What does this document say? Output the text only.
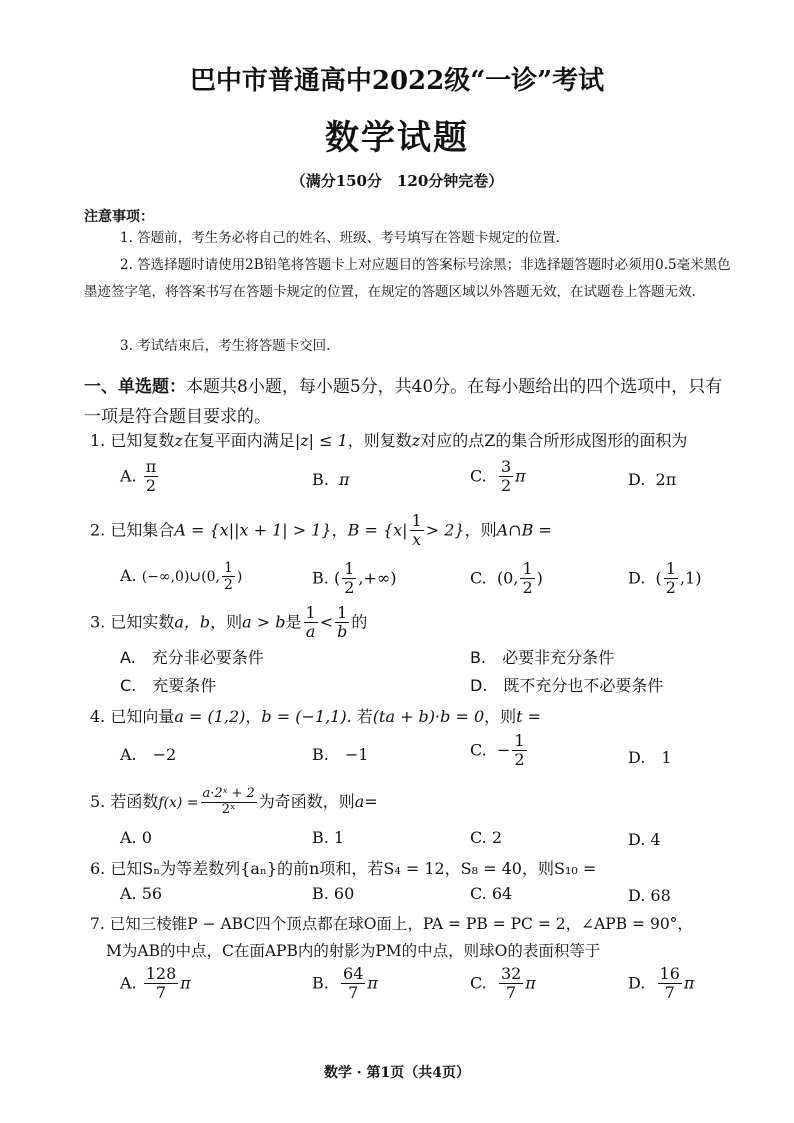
巴中市普通高中2022级“一诊”考试
数学试题
（满分150分　120分钟完卷）
注意事项：
1. 答题前，考生务必将自己的姓名、班级、考号填写在答题卡规定的位置.
2. 答选择题时请使用2B铅笔将答题卡上对应题目的答案标号涂黑；非选择题答题时必须用0.5毫米黑色墨迹签字笔，将答案书写在答题卡规定的位置，在规定的答题区域以外答题无效，在试题卷上答题无效.
3. 考试结束后，考生将答题卡交回.
一、单选题：本题共8小题，每小题5分，共40分。在每小题给出的四个选项中，只有一项是符合题目要求的。
1. 已知复数z在复平面内满足|z| ≤ 1，则复数z对应的点Z的集合所形成图形的面积为
A. $\frac{\pi}{2}$	B. π	C. $\frac{3}{2}$ π	D. 2π
2. 已知集合A = {x||x + 1| > 1}，$B = \{x| \frac{1}{x} > 2\}$，则A∩B =
A. (−∞,0)∪(0, $\frac{1}{2}$ )	B. ( $\frac{1}{2}$ ,+∞)	C. (0, $\frac{1}{2}$ )	D. ( $\frac{1}{2} ,1$)
3. 已知实数a，b，则a > b是 $\frac{1}{a} < \frac{1}{b}$ 的
A.　充分非必要条件	B.　必要非充分条件
C.　充要条件	D.　既不充分也不必要条件
4. 已知向量a = (1,2)，b = (−1,1). 若(ta + b)·b = 0，则t =
A.　−2	B.　−1	C. − $\frac{1}{2}$	D.　1
5. 若函数$f(x) = \frac{\text{a·2ˣ + 2}}{\text{2ˣ}}$ 为奇函数，则a=
A. 0	B. 1	C. 2	D. 4
6. 已知Sₙ为等差数列{aₙ}的前n项和，若S₄ = 12，S₈ = 40，则S₁₀ =
A. 56	B. 60	C. 64	D. 68
7. 已知三棱锥P − ABC四个顶点都在球O面上，PA = PB = PC = 2，∠APB = 90°，
M为AB的中点，C在面APB内的射影为PM的中点，则球O的表面积等于
A. $\frac{128}{7}$ π	B. $\frac{64}{7}$ π	C. $\frac{32}{7}$ π	D. $\frac{16}{7}$ π
数学 · 第1页（共4页）
